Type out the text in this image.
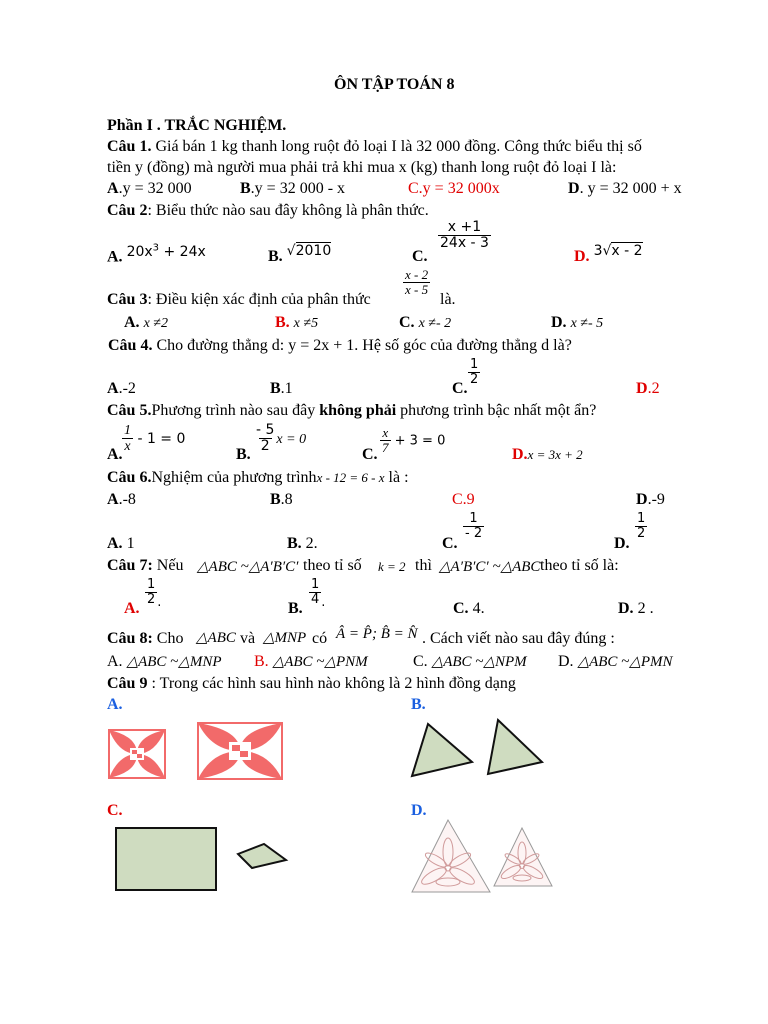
ÔN TẬP TOÁN 8
Phần I . TRẮC NGHIỆM.
Câu 1. Giá bán 1 kg thanh long ruột đỏ loại I là 32 000 đồng. Công thức biểu thị số
tiền y (đồng) mà người mua phải trả khi mua x (kg) thanh long ruột đỏ loại I là:
A.y = 32 000	B.y = 32 000 - x	C.y = 32 000x	D. y = 32 000 + x
Câu 2: Biểu thức nào sau đây không là phân thức.
A. $20x^3 + 24x$	B. √2010	C.
$\frac{x +1}{24x - 3}$
D. 3√x - 2
Câu 3: Điều kiện xác định của phân thức
$\frac{x - 2}{x - 5}$
là.
A. x ≠2	B. x ≠5	C. x ≠- 2	D. x ≠- 5
Câu 4. Cho đường thẳng d: y = 2x + 1. Hệ số góc của đường thẳng d là?
A.-2	B.1	C.
$\frac{1}{2}$
D.2
Câu 5.Phương trình nào sau đây không phải phương trình bậc nhất một ẩn?
A. $\frac{1}{x} - 1 = 0$
B. $\frac{- 5}{2}$ x = 0
C. $\frac{x}{7} + 3 = 0$
D.x = 3x + 2
Câu 6.Nghiệm của phương trìnhx - 12 = 6 - x là :
A.-8	B.8	C.9	D.-9
A. 1	B. 2.	C.
$\frac{1}{- 2}$
D.
$\frac{1}{2}$
Câu 7: Nếu △ABC ~△A′B′C′ theo tỉ số k = 2 thì △A′B′C′ ~△ABC theo tỉ số là:
A.
$\frac{1}{2}$ .	B.
$\frac{1}{4}$ .	C. 4.	D. 2 .
Câu 8: Cho △ABC và △MNP có Â = P̂; B̂ = N̂ . Cách viết nào sau đây đúng :
A. △ABC ~△MNP B. △ABC ~△PNM	C. △ABC ~△NPM D. △ABC ~△PMN
Câu 9 : Trong các hình sau hình nào không là 2 hình đồng dạng
A.	B.
C.	D.
